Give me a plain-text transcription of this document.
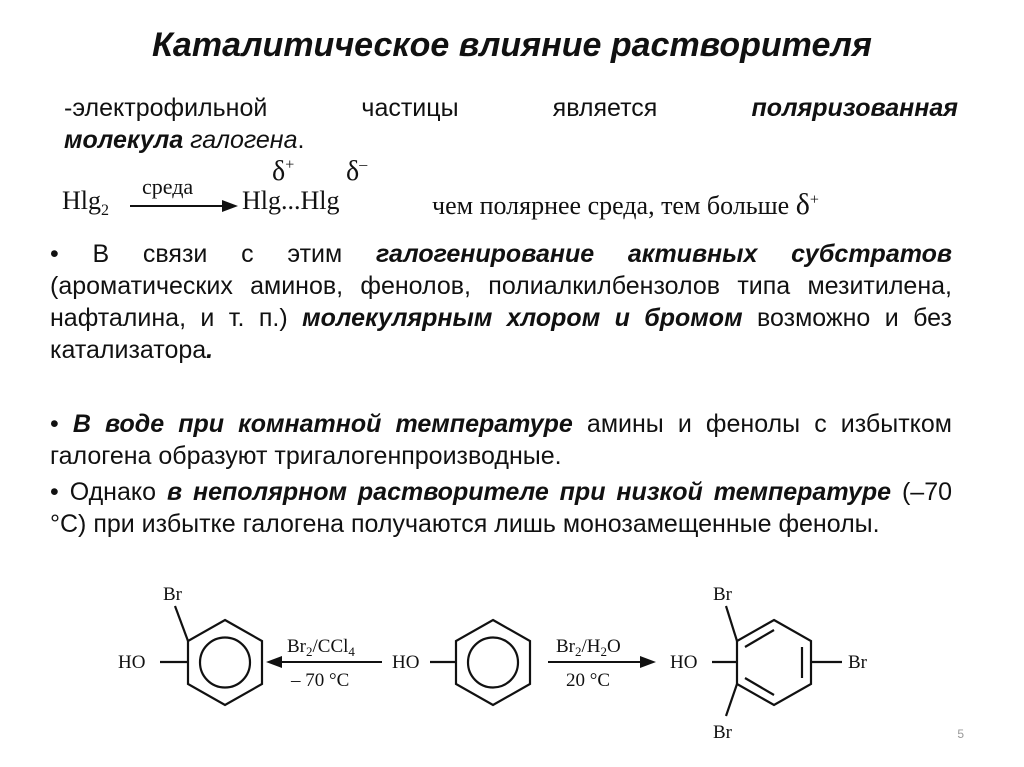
Каталитическое влияние растворителя
-электрофильной частицы является поляризованная
молекула галогена.
Hlg$_2$
среда Hlg...Hlg
δ+ δ–
чем полярнее среда, тем больше δ+
• В связи с этим галогенирование активных субстратов (ароматических аминов, фенолов, полиалкилбензолов типа мезитилена, нафталина, и т. п.) молекулярным хлором и бромом возможно и без катализатора.
• В воде при комнатной температуре амины и фенолы с избытком галогена образуют тригалогенпроизводные.
• Однако в неполярном растворителе при низкой температуре (–70 °С) при избытке галогена получаются лишь монозамещенные фенолы.
Br
HO
$Br_2/CCl_4$
– 70 °C
HO
$Br_2/H_2O$
20 °C
Br
Br
Br
HO
5
